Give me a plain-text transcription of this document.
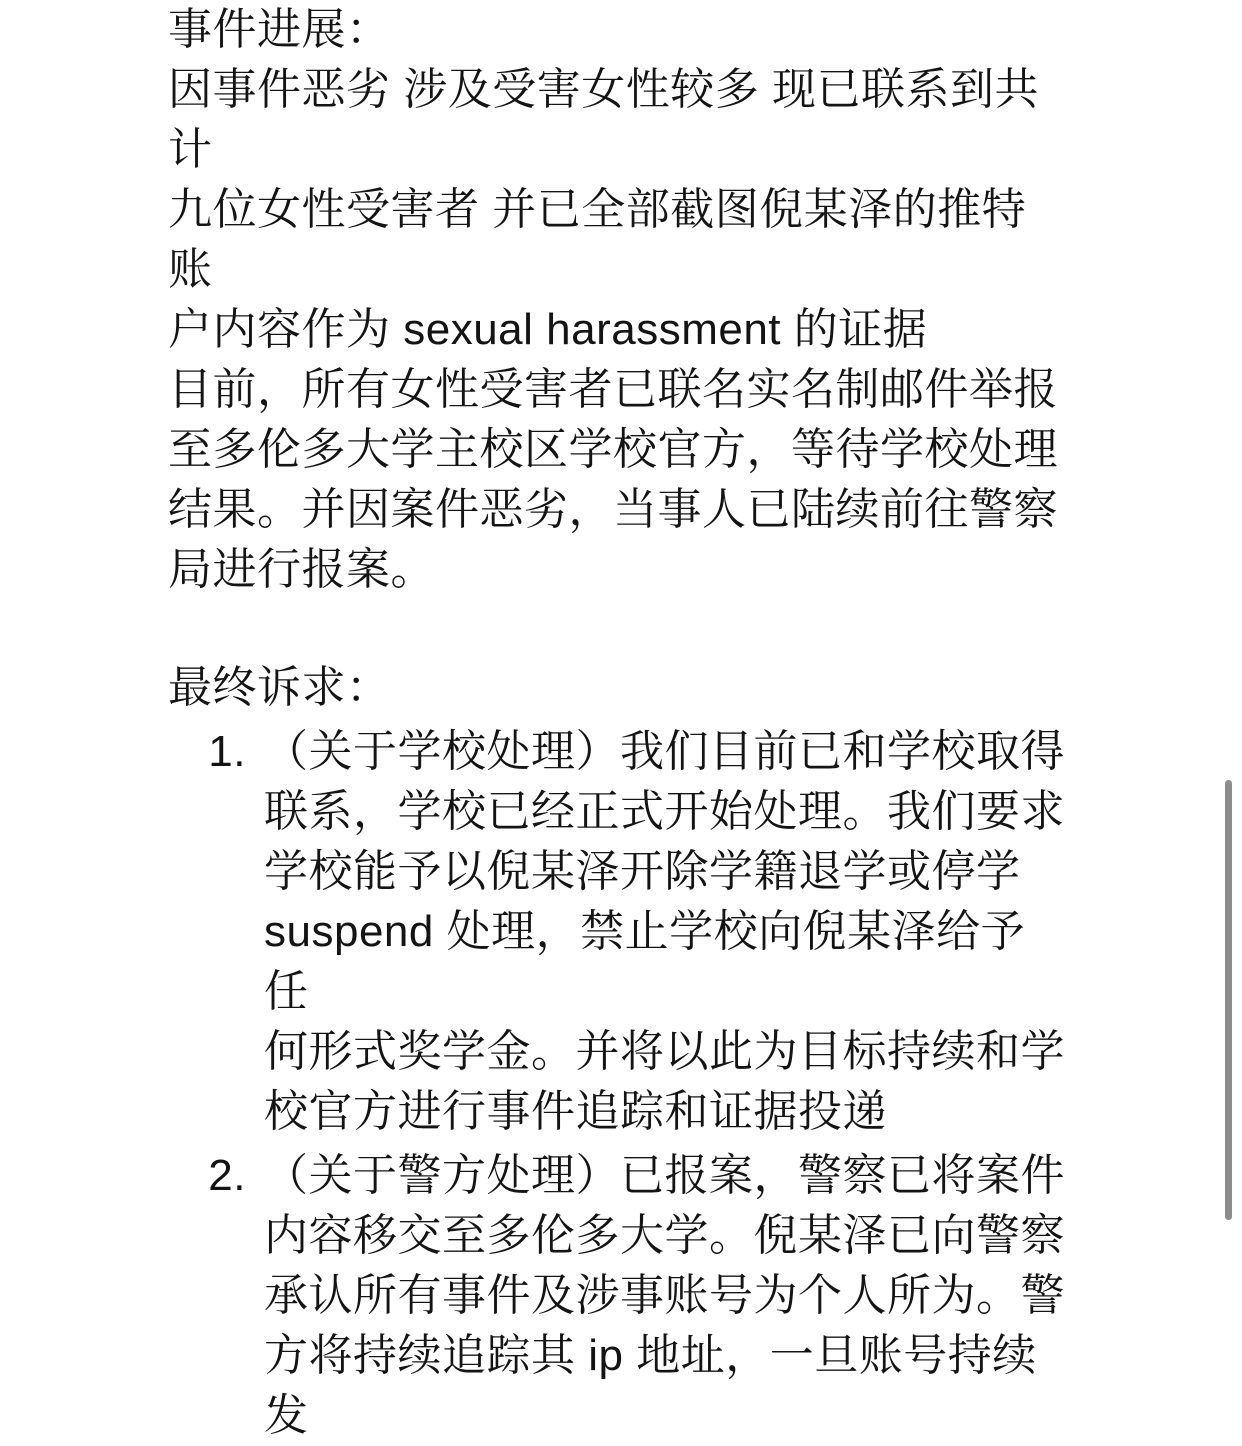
事件进展：
因事件恶劣 涉及受害女性较多 现已联系到共计
九位女性受害者 并已全部截图倪某泽的推特账
户内容作为 sexual harassment 的证据
目前，所有女性受害者已联名实名制邮件举报
至多伦多大学主校区学校官方，等待学校处理
结果。并因案件恶劣，当事人已陆续前往警察
局进行报案。
最终诉求：
1. （关于学校处理）我们目前已和学校取得
联系，学校已经正式开始处理。我们要求
学校能予以倪某泽开除学籍退学或停学
suspend 处理，禁止学校向倪某泽给予任
何形式奖学金。并将以此为目标持续和学
校官方进行事件追踪和证据投递
2. （关于警方处理）已报案，警察已将案件
内容移交至多伦多大学。倪某泽已向警察
承认所有事件及涉事账号为个人所为。警
方将持续追踪其 ip 地址，一旦账号持续发
